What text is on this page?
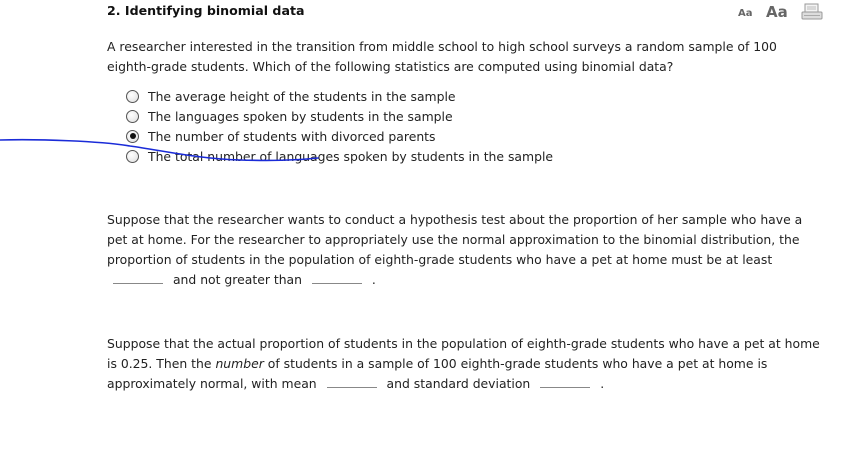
2. Identifying binomial data	Aa Aa
A researcher interested in the transition from middle school to high school surveys a random sample of 100 eighth-grade students. Which of the following statistics are computed using binomial data?
The average height of the students in the sample
The languages spoken by students in the sample
The number of students with divorced parents
The total number of languages spoken by students in the sample
Suppose that the researcher wants to conduct a hypothesis test about the proportion of her sample who have a pet at home. For the researcher to appropriately use the normal approximation to the binomial distribution, the proportion of students in the population of eighth-grade students who have a pet at home must be at least  and not greater than	.
Suppose that the actual proportion of students in the population of eighth-grade students who have a pet at home is 0.25. Then the number of students in a sample of 100 eighth-grade students who have a pet at home is approximately normal, with mean	and standard deviation	.
